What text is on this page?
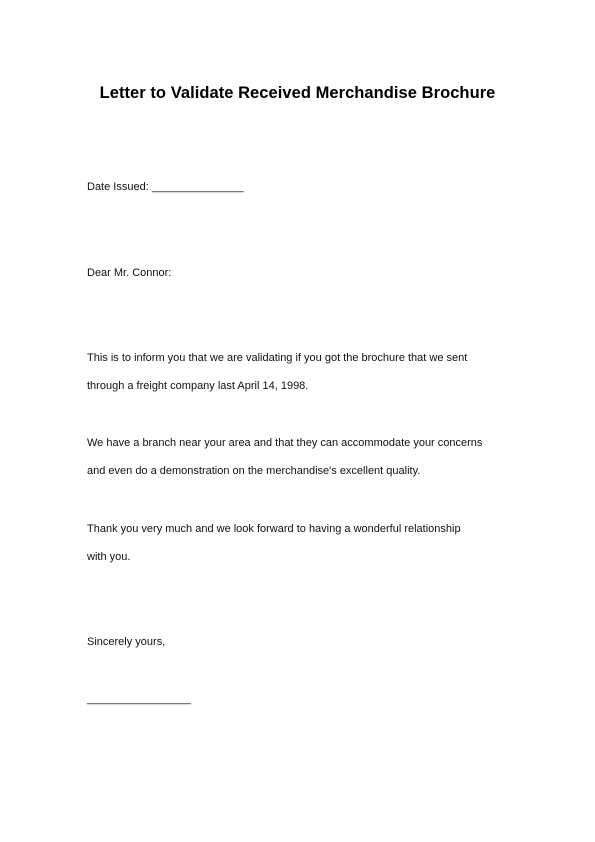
Letter to Validate Received Merchandise Brochure
Date Issued: _______________
Dear Mr. Connor:
This is to inform you that we are validating if you got the brochure that we sent
through a freight company last April 14, 1998.
We have a branch near your area and that they can accommodate your concerns
and even do a demonstration on the merchandise's excellent quality.
Thank you very much and we look forward to having a wonderful relationship
with you.
Sincerely yours,
_________________
